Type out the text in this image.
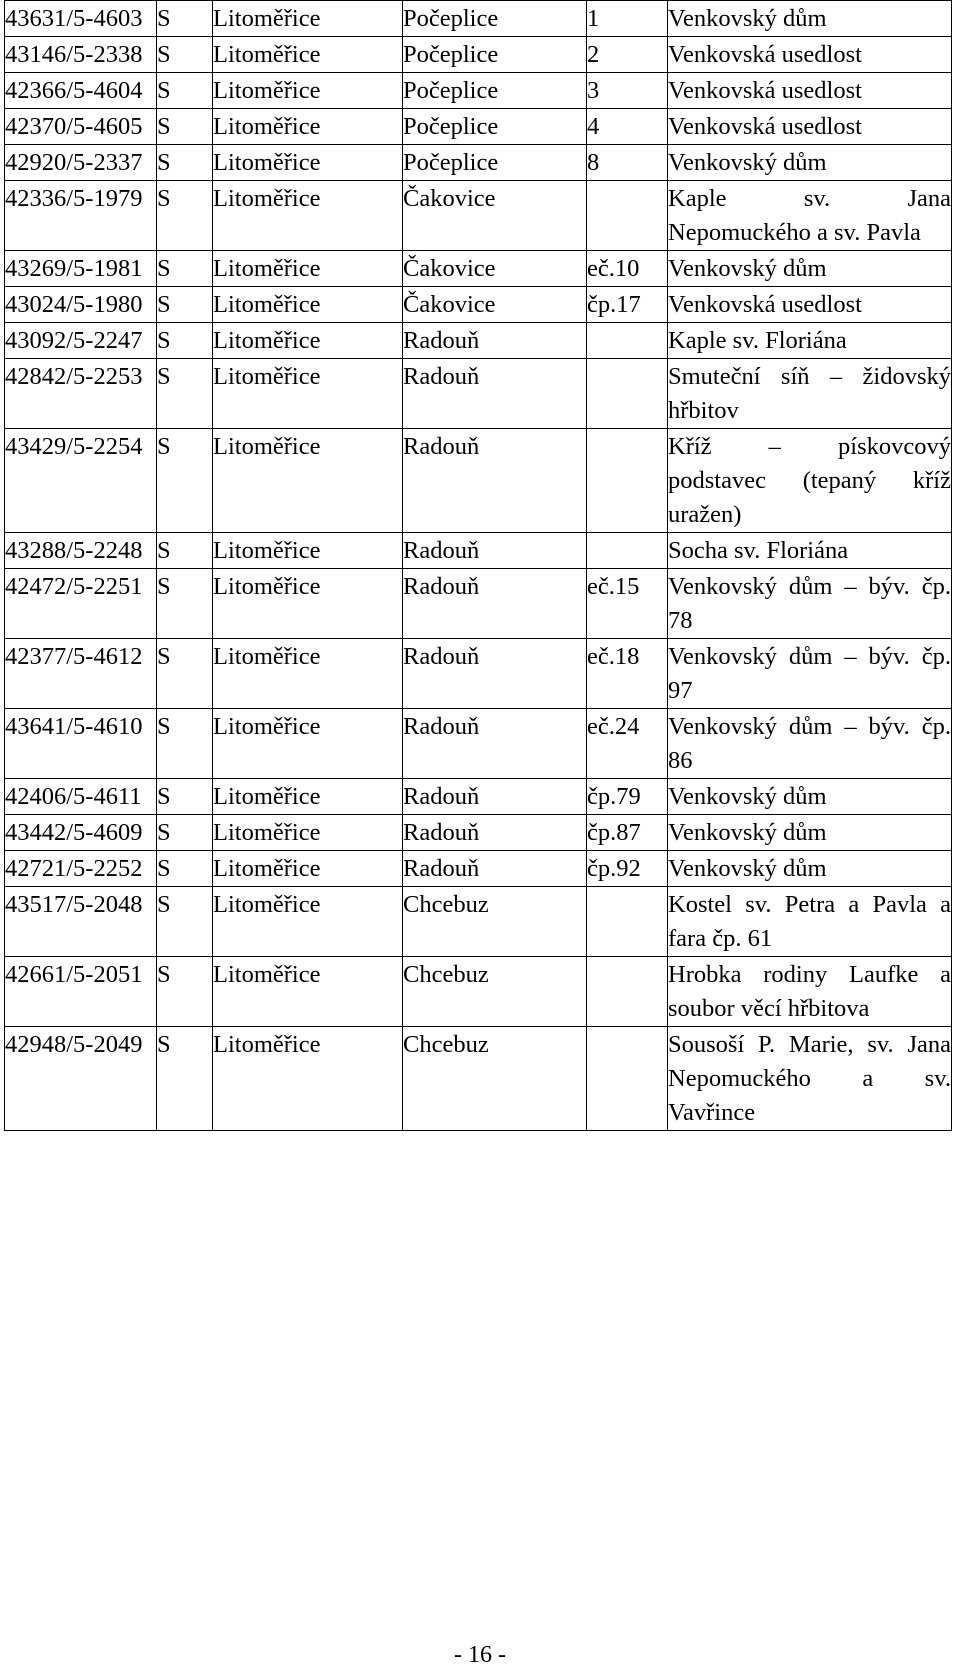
43631/5-4603	S	Litoměřice	Počeplice	1	Venkovský dům
43146/5-2338	S	Litoměřice	Počeplice	2	Venkovská usedlost
42366/5-4604	S	Litoměřice	Počeplice	3	Venkovská usedlost
42370/5-4605	S	Litoměřice	Počeplice	4	Venkovská usedlost
42920/5-2337	S	Litoměřice	Počeplice	8	Venkovský dům
42336/5-1979	S	Litoměřice	Čakovice		Kaple sv. Jana Nepomuckého a sv. Pavla
43269/5-1981	S	Litoměřice	Čakovice	eč.10	Venkovský dům
43024/5-1980	S	Litoměřice	Čakovice	čp.17	Venkovská usedlost
43092/5-2247	S	Litoměřice	Radouň		Kaple sv. Floriána
42842/5-2253	S	Litoměřice	Radouň		Smuteční síň – židovský hřbitov
43429/5-2254	S	Litoměřice	Radouň		Kříž – pískovcový podstavec (tepaný kříž uražen)
43288/5-2248	S	Litoměřice	Radouň		Socha sv. Floriána
42472/5-2251	S	Litoměřice	Radouň	eč.15	Venkovský dům – býv. čp. 78
42377/5-4612	S	Litoměřice	Radouň	eč.18	Venkovský dům – býv. čp. 97
43641/5-4610	S	Litoměřice	Radouň	eč.24	Venkovský dům – býv. čp. 86
42406/5-4611	S	Litoměřice	Radouň	čp.79	Venkovský dům
43442/5-4609	S	Litoměřice	Radouň	čp.87	Venkovský dům
42721/5-2252	S	Litoměřice	Radouň	čp.92	Venkovský dům
43517/5-2048	S	Litoměřice	Chcebuz		Kostel sv. Petra a Pavla a fara čp. 61
42661/5-2051	S	Litoměřice	Chcebuz		Hrobka rodiny Laufke a soubor věcí hřbitova
42948/5-2049	S	Litoměřice	Chcebuz		Sousoší P. Marie, sv. Jana Nepomuckého a sv. Vavřince
- 16 -
